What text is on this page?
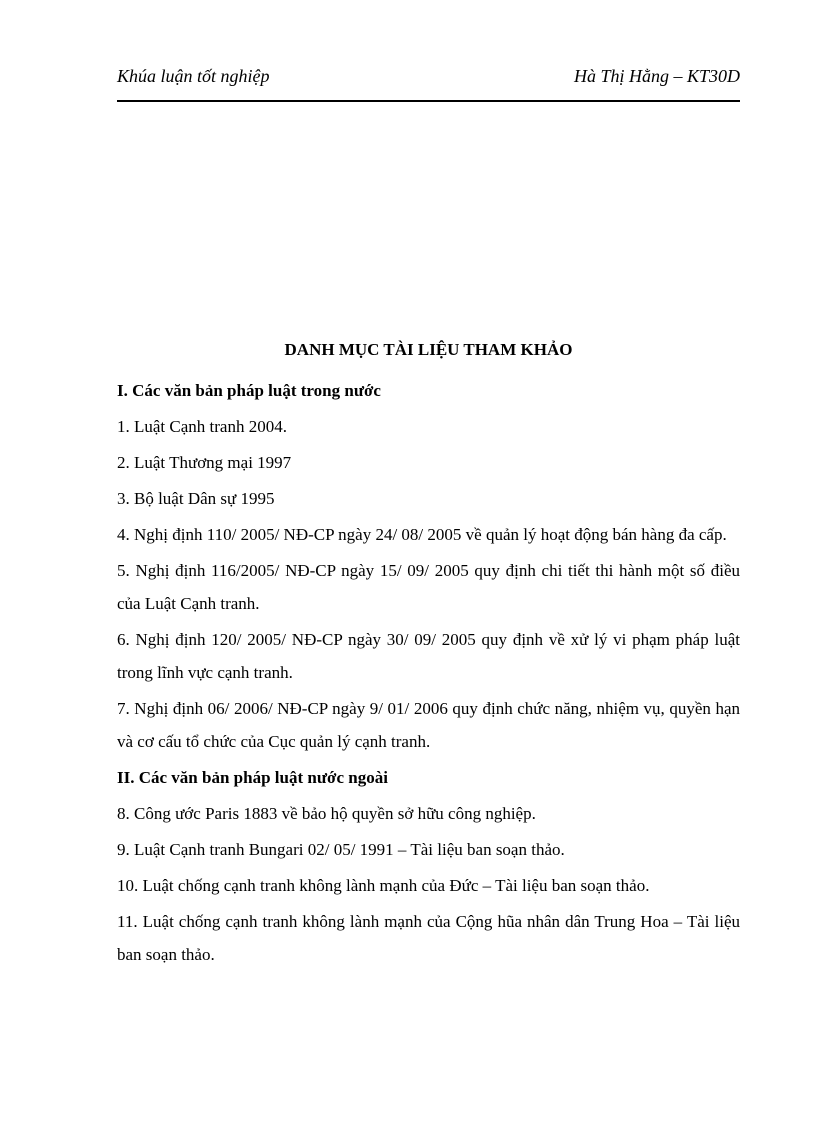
Khúa luận tốt nghiệp	Hà Thị Hằng – KT30D
DANH MỤC TÀI LIỆU THAM KHẢO
I. Các văn bản pháp luật trong nước
1. Luật Cạnh tranh 2004.
2. Luật Thương mại 1997
3. Bộ luật Dân sự 1995
4. Nghị định 110/ 2005/ NĐ-CP ngày 24/ 08/ 2005 về quản lý hoạt động bán hàng đa cấp.
5. Nghị định 116/2005/ NĐ-CP ngày 15/ 09/ 2005 quy định chi tiết thi hành một số điều của Luật Cạnh tranh.
6. Nghị định 120/ 2005/ NĐ-CP ngày 30/ 09/ 2005 quy định về xử lý vi phạm pháp luật trong lĩnh vực cạnh tranh.
7. Nghị định 06/ 2006/ NĐ-CP ngày 9/ 01/ 2006 quy định chức năng, nhiệm vụ, quyền hạn và cơ cấu tổ chức của Cục quản lý cạnh tranh.
II. Các văn bản pháp luật nước ngoài
8. Công ước Paris 1883 về bảo hộ quyền sở hữu công nghiệp.
9. Luật Cạnh tranh Bungari 02/ 05/ 1991 – Tài liệu ban soạn thảo.
10. Luật chống cạnh tranh không lành mạnh của Đức – Tài liệu ban soạn thảo.
11. Luật chống cạnh tranh không lành mạnh của Cộng hũa nhân dân Trung Hoa – Tài liệu ban soạn thảo.
